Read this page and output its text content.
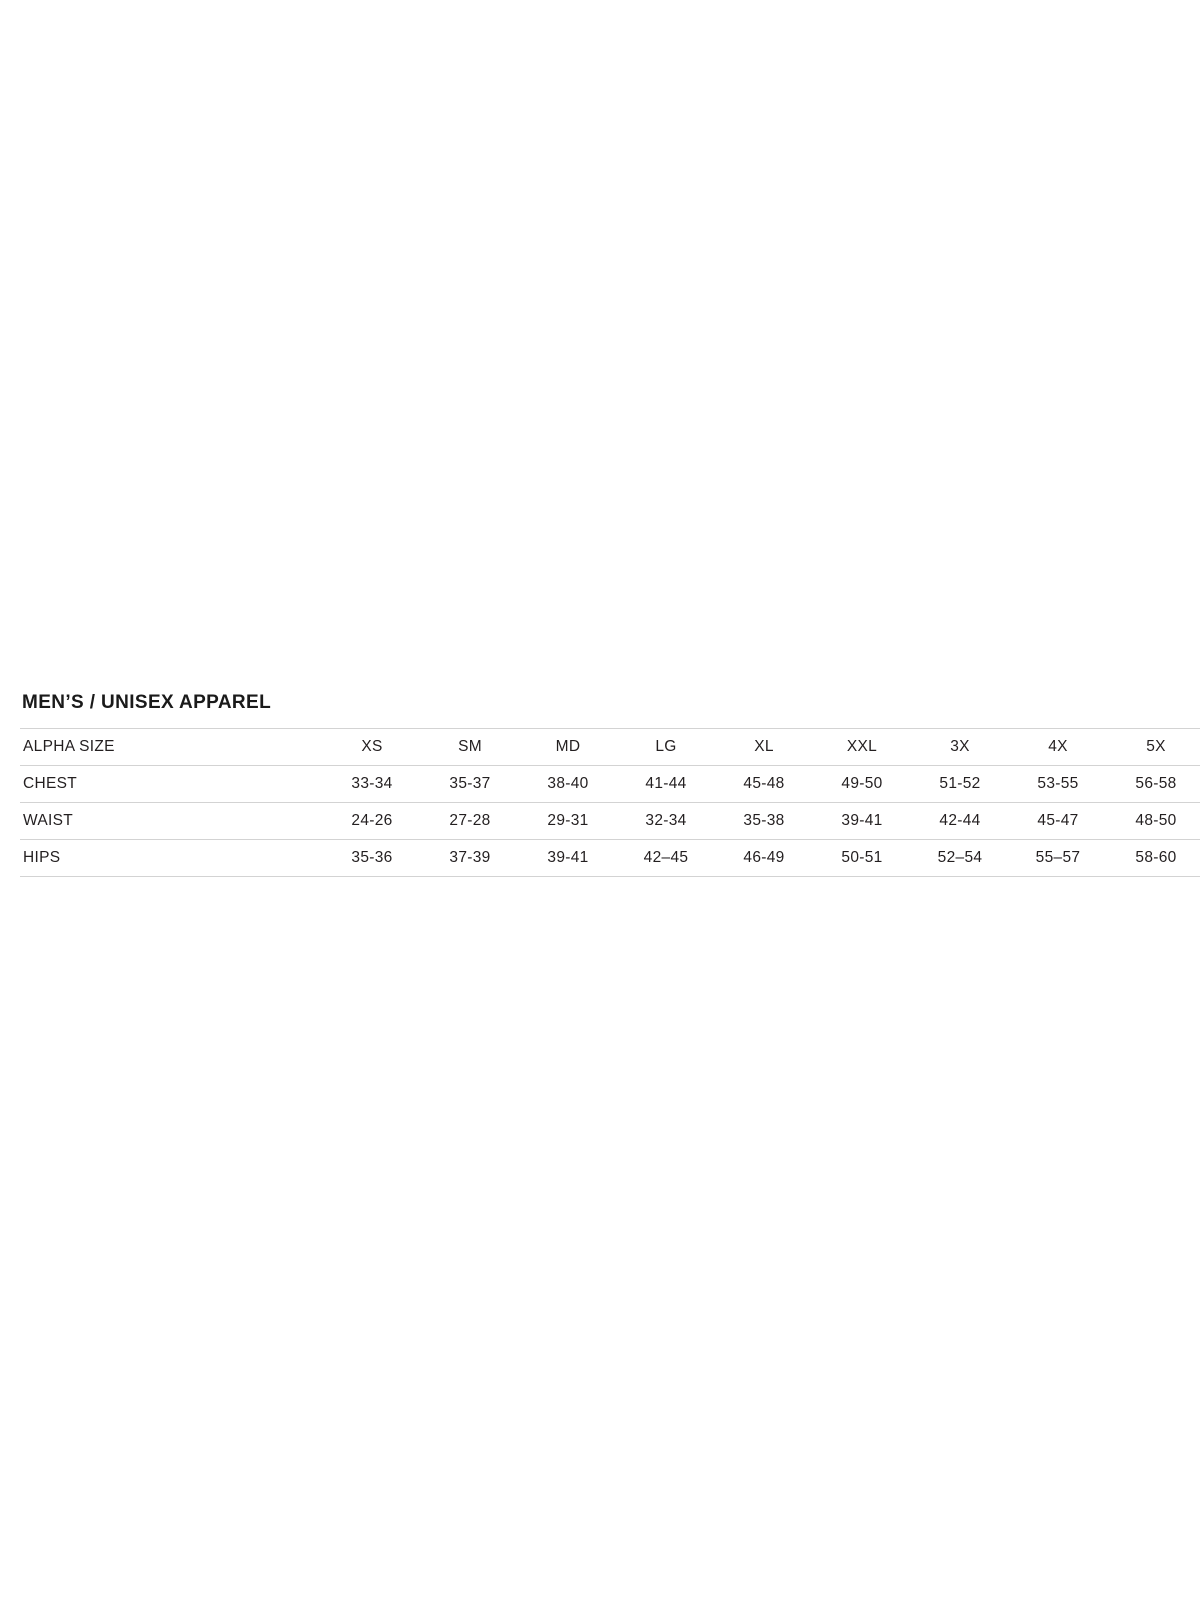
MEN’S / UNISEX APPAREL
ALPHA SIZE	XS	SM	MD	LG	XL	XXL	3X	4X	5X
CHEST	33-34	35-37	38-40	41-44	45-48	49-50	51-52	53-55	56-58
WAIST	24-26	27-28	29-31	32-34	35-38	39-41	42-44	45-47	48-50
HIPS	35-36	37-39	39-41	42–45	46-49	50-51	52–54	55–57	58-60
